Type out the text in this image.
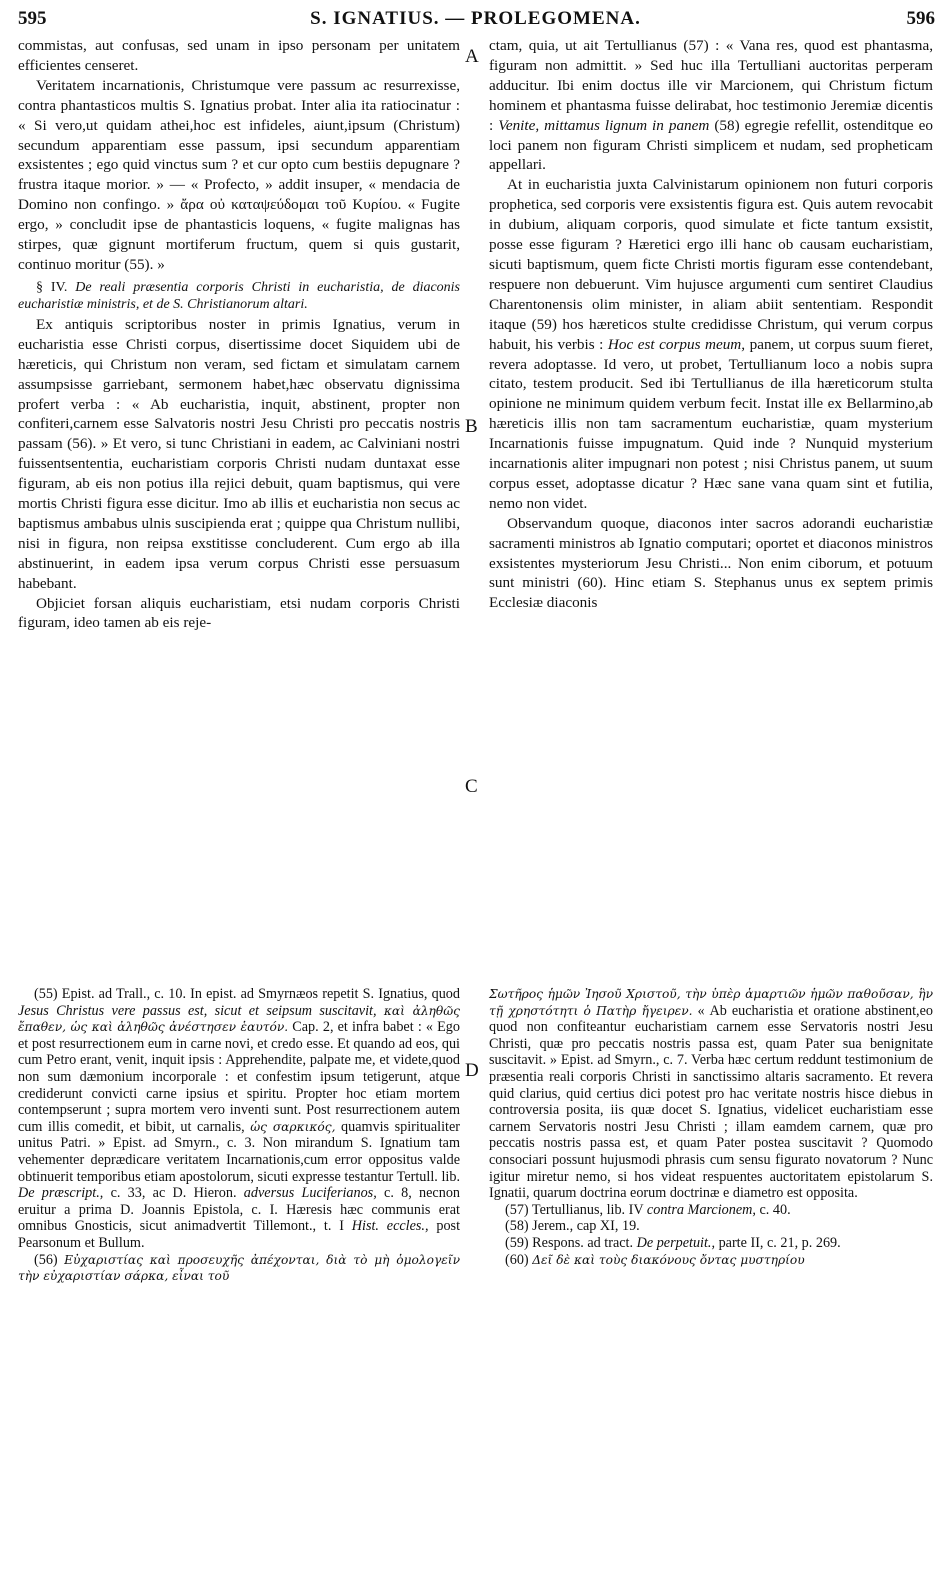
595	S. IGNATIUS. — PROLEGOMENA.	596

commistas, aut confusas, sed unam in ipso personam per unitatem efficientes censeret.

Veritatem incarnationis, Christumque vere passum ac resurrexisse, contra phantasticos multis S. Ignatius probat. Inter alia ita ratiocinatur : « Si vero,ut quidam athei,hoc est infideles, aiunt,ipsum (Christum) secundum apparentiam esse passum, ipsi secundum apparentiam exsistentes ; ego quid vinctus sum ? et cur opto cum bestiis depugnare ? frustra itaque morior. » — « Profecto, » addit insuper, « mendacia de Domino non confingo. » ἄρα οὐ καταψεύδομαι τοῦ Κυρίου. « Fugite ergo, » concludit ipse de phantasticis loquens, « fugite malignas has stirpes, quæ gignunt mortiferum fructum, quem si quis gustarit, continuo moritur (55). »

§ IV. De reali præsentia corporis Christi in eucharistia, de diaconis eucharistiæ ministris, et de S. Christianorum altari.

Ex antiquis scriptoribus noster in primis Ignatius, verum in eucharistia esse Christi corpus, disertissime docet Siquidem ubi de hæreticis, qui Christum non veram, sed fictam et simulatam carnem assumpsisse garriebant, sermonem habet,hæc observatu dignissima profert verba : « Ab eucharistia, inquit, abstinent, propter non confiteri,carnem esse Salvatoris nostri Jesu Christi pro peccatis nostris passam (56). » Et vero, si tunc Christiani in eadem, ac Calviniani nostri fuissentsententia, eucharistiam corporis Christi nudam duntaxat esse figuram, ab eis non potius illa rejici debuit, quam baptismus, qui vere mortis Christi figura esse dicitur. Imo ab illis et eucharistia non secus ac baptismus ambabus ulnis suscipienda erat ; quippe qua Christum nullibi, nisi in figura, non reipsa exstitisse concluderent. Cum ergo ab illa abstinuerint, in eadem ipsa verum corpus Christi esse persuasum habebant.

Objiciet forsan aliquis eucharistiam, etsi nudam corporis Christi figuram, ideo tamen ab eis reje-

ctam, quia, ut ait Tertullianus (57) : « Vana res, quod est phantasma, figuram non admittit. » Sed huc illa Tertulliani auctoritas perperam adducitur. Ibi enim doctus ille vir Marcionem, qui Christum fictum hominem et phantasma fuisse delirabat, hoc testimonio Jeremiæ dicentis : Venite, mittamus lignum in panem (58) egregie refellit, ostenditque eo loci panem non figuram Christi simplicem et nudam, sed propheticam appellari.

At in eucharistia juxta Calvinistarum opinionem non futuri corporis prophetica, sed corporis vere exsistentis figura est. Quis autem revocabit in dubium, aliquam corporis, quod simulate et ficte tantum exsistit, posse esse figuram ? Hæretici ergo illi hanc ob causam eucharistiam, sicuti baptismum, quem ficte Christi mortis figuram esse contendebant, respuere non debuerunt. Vim hujusce argumenti cum sentiret Claudius Charentonensis olim minister, in aliam abiit sententiam. Respondit itaque (59) hos hæreticos stulte credidisse Christum, qui verum corpus habuit, his verbis : Hoc est corpus meum, panem, ut corpus suum fieret, revera adoptasse. Id vero, ut probet, Tertullianum loco a nobis supra citato, testem producit. Sed ibi Tertullianus de illa hæreticorum stulta opinione ne minimum quidem verbum fecit. Instat ille ex Bellarmino,ab hæreticis illis non tam sacramentum eucharistiæ, quam mysterium Incarnationis fuisse impugnatum. Quid inde ? Nunquid mysterium incarnationis aliter impugnari non potest ; nisi Christus panem, ut suum corpus esset, adoptasse dicatur ? Hæc sane vana quam sint et futilia, nemo non videt.

Observandum quoque, diaconos inter sacros adorandi eucharistiæ sacramenti ministros ab Ignatio computari; oportet et diaconos ministros exsistentes mysteriorum Jesu Christi... Non enim ciborum, et potuum sunt ministri (60). Hinc etiam S. Stephanus unus ex septem primis Ecclesiæ diaconis

A
B
C
D

(55) Epist. ad Trall., c. 10. In epist. ad Smyrnæos repetit S. Ignatius, quod Jesus Christus vere passus est, sicut et seipsum suscitavit, καὶ ἀληθῶς ἔπαθεν, ὡς καὶ ἀληθῶς ἀνέστησεν ἑαυτόν. Cap. 2, et infra babet : « Ego et post resurrectionem eum in carne novi, et credo esse. Et quando ad eos, qui cum Petro erant, venit, inquit ipsis : Apprehendite, palpate me, et videte,quod non sum dæmonium incorporale : et confestim ipsum tetigerunt, atque crediderunt convicti carne ipsius et spiritu. Propter hoc etiam mortem contempserunt ; supra mortem vero inventi sunt. Post resurrectionem autem cum illis comedit, et bibit, ut carnalis, ὡς σαρκικός, quamvis spiritualiter unitus Patri. » Epist. ad Smyrn., c. 3. Non mirandum S. Ignatium tam vehementer deprædicare veritatem Incarnationis,cum error oppositus valde obtinuerit temporibus etiam apostolorum, sicuti expresse testantur Tertull. lib. De præscript., c. 33, ac D. Hieron. adversus Luciferianos, c. 8, necnon eruitur a prima D. Joannis Epistola, c. I. Hæresis hæc communis erat omnibus Gnosticis, sicut animadvertit Tillemont., t. I Hist. eccles., post Pearsonum et Bullum.

(56) Εὐχαριστίας καὶ προσευχῆς ἀπέχονται, διὰ τὸ μὴ ὁμολογεῖν τὴν εὐχαριστίαν σάρκα, εἶναι τοῦ

Σωτῆρος ἡμῶν Ἰησοῦ Χριστοῦ, τὴν ὑπὲρ ἁμαρτιῶν ἡμῶν παθοῦσαν, ἣν τῇ χρηστότητι ὁ Πατὴρ ἤγειρεν. « Ab eucharistia et oratione abstinent,eo quod non confiteantur eucharistiam carnem esse Servatoris nostri Jesu Christi, quæ pro peccatis nostris passa est, quam Pater sua benignitate suscitavit. » Epist. ad Smyrn., c. 7. Verba hæc certum reddunt testimonium de præsentia reali corporis Christi in sanctissimo altaris sacramento. Et revera quid clarius, quid certius dici potest pro hac veritate nostris hisce diebus in controversia posita, iis quæ docet S. Ignatius, videlicet eucharistiam esse carnem Servatoris nostri Jesu Christi ; illam eamdem carnem, quæ pro peccatis nostris passa est, et quam Pater postea suscitavit ? Quomodo consociari possunt hujusmodi phrasis cum sensu figurato novatorum ? Nunc igitur miretur nemo, si hos videat respuentes auctoritatem epistolarum S. Ignatii, quarum doctrina eorum doctrinæ e diametro est opposita.

(57) Tertullianus, lib. IV contra Marcionem, c. 40.

(58) Jerem., cap XI, 19.

(59) Respons. ad tract. De perpetuit., parte II, c. 21, p. 269.

(60) Δεῖ δὲ καὶ τοὺς διακόνους ὄντας μυστηρίου
